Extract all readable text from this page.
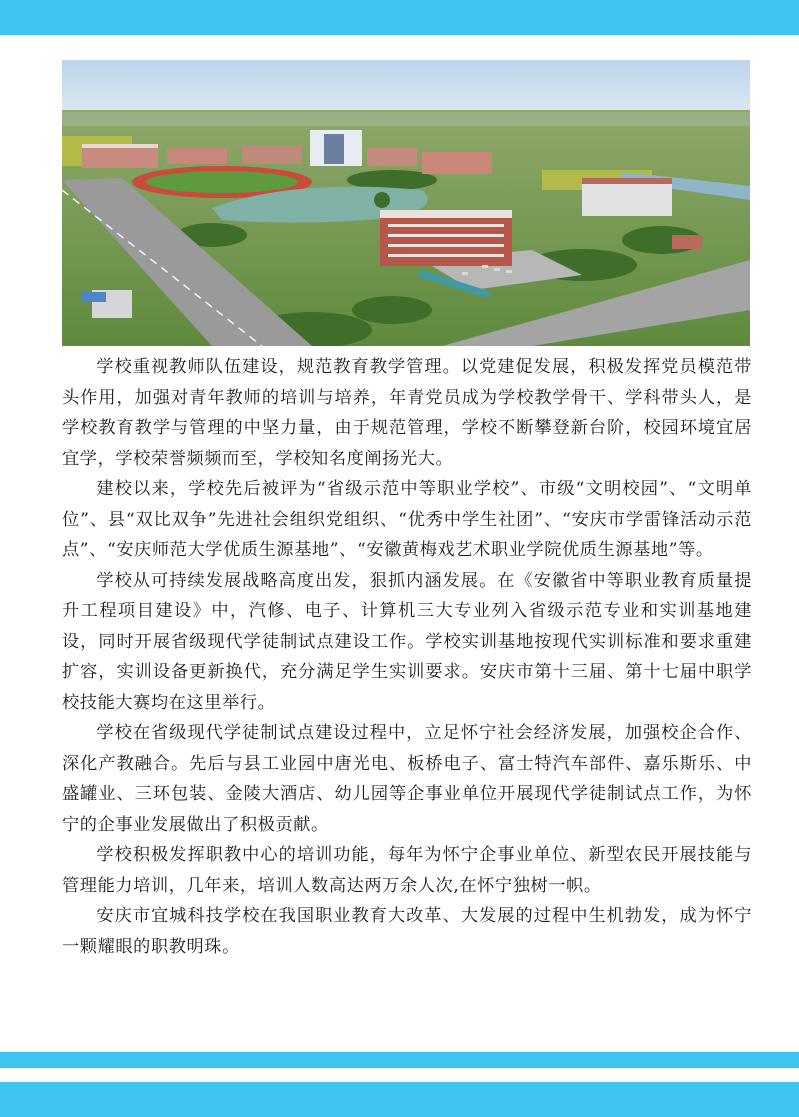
学校重视教师队伍建设，规范教育教学管理。以党建促发展，积极发挥党员模范带头作用，加强对青年教师的培训与培养，年青党员成为学校教学骨干、学科带头人，是学校教育教学与管理的中坚力量，由于规范管理，学校不断攀登新台阶，校园环境宜居宜学，学校荣誉频频而至，学校知名度阐扬光大。

建校以来，学校先后被评为“省级示范中等职业学校”、市级“文明校园”、“文明单位”、县“双比双争”先进社会组织党组织、“优秀中学生社团”、“安庆市学雷锋活动示范点”、“安庆师范大学优质生源基地”、“安徽黄梅戏艺术职业学院优质生源基地”等。

学校从可持续发展战略高度出发，狠抓内涵发展。在《安徽省中等职业教育质量提升工程项目建设》中，汽修、电子、计算机三大专业列入省级示范专业和实训基地建设，同时开展省级现代学徒制试点建设工作。学校实训基地按现代实训标准和要求重建扩容，实训设备更新换代，充分满足学生实训要求。安庆市第十三届、第十七届中职学校技能大赛均在这里举行。

学校在省级现代学徒制试点建设过程中，立足怀宁社会经济发展，加强校企合作、深化产教融合。先后与县工业园中唐光电、板桥电子、富士特汽车部件、嘉乐斯乐、中盛罐业、三环包装、金陵大酒店、幼儿园等企事业单位开展现代学徒制试点工作，为怀宁的企事业发展做出了积极贡献。

学校积极发挥职教中心的培训功能，每年为怀宁企事业单位、新型农民开展技能与管理能力培训，几年来，培训人数高达两万余人次,在怀宁独树一帜。

安庆市宜城科技学校在我国职业教育大改革、大发展的过程中生机勃发，成为怀宁一颗耀眼的职教明珠。
